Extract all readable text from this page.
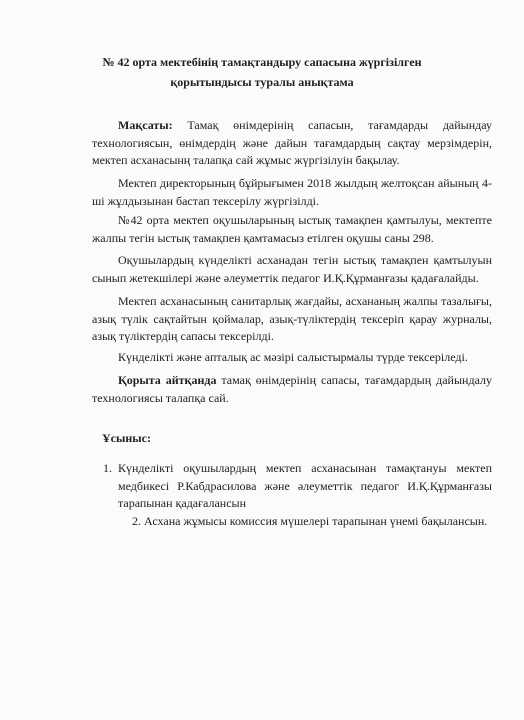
№ 42 орта мектебінің тамақтандыру сапасына жүргізілген
қорытындысы туралы анықтама
Мақсаты: Тамақ өнімдерінің сапасын, тағамдарды дайындау технологиясын, өнімдердің және дайын тағамдардың сақтау мерзімдерін, мектеп асханасынң талапқа сай жұмыс жүргізілуін бақылау.
Мектеп директорының бұйрығымен 2018 жылдың желтоқсан айының 4-ші жұлдызынан бастап тексерілу жүргізілді.
№42 орта мектеп оқушыларының ыстық тамақпен қамтылуы, мектепте жалпы тегін ыстық тамақпен қамтамасыз етілген оқушы саны 298.
Оқушылардың күнделікті асханадан тегін ыстық тамақпен қамтылуын сынып жетекшілері және әлеуметтік педагог И.Қ.Құрманғазы қадағалайды.
Мектеп асханасының санитарлық жағдайы, асхананың жалпы тазалығы, азық түлік сақтайтын қоймалар, азық-түліктердің тексеріп қарау журналы, азық түліктердің сапасы тексерілді.
Күнделікті және апталық ас мәзірі салыстырмалы түрде тексеріледі.
Қорыта айтқанда тамақ өнімдерінің сапасы, тағамдардың дайындалу технологиясы талапқа сай.
Ұсыныс:
1. Күнделікті оқушылардың мектеп асханасынан тамақтануы мектеп медбикесі Р.Кабдрасилова және әлеуметтік педагог И.Қ.Құрманғазы тарапынан қадағалансын
2. Асхана жұмысы комиссия мүшелері тарапынан үнемі бақылансын.
